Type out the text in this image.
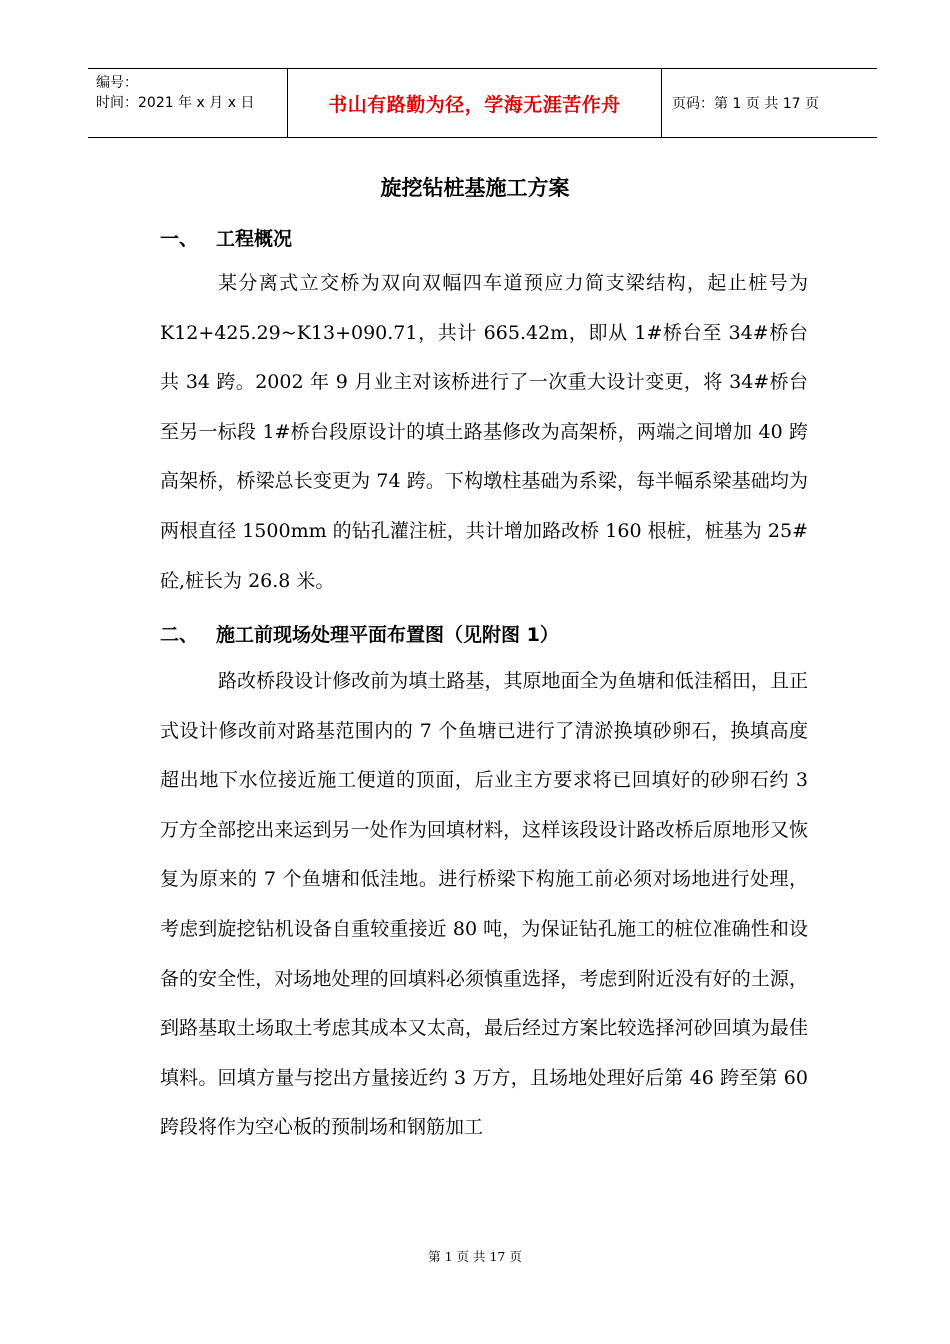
编号：
时间：2021 年 x 月 x 日	书山有路勤为径，学海无涯苦作舟	页码：第 1 页 共 17 页
旋挖钻桩基施工方案
一、 工程概况

某分离式立交桥为双向双幅四车道预应力简支梁结构，起止桩号为 K12+425.29~K13+090.71，共计 665.42m，即从 1#桥台至 34#桥台共 34 跨。2002 年 9 月业主对该桥进行了一次重大设计变更，将 34#桥台至另一标段 1#桥台段原设计的填土路基修改为高架桥，两端之间增加 40 跨高架桥，桥梁总长变更为 74 跨。下构墩柱基础为系梁，每半幅系梁基础均为两根直径 1500mm 的钻孔灌注桩，共计增加路改桥 160 根桩，桩基为 25#砼,桩长为 26.8 米。

二、 施工前现场处理平面布置图（见附图 1）

路改桥段设计修改前为填土路基，其原地面全为鱼塘和低洼稻田，且正式设计修改前对路基范围内的 7 个鱼塘已进行了清淤换填砂卵石，换填高度超出地下水位接近施工便道的顶面，后业主方要求将已回填好的砂卵石约 3 万方全部挖出来运到另一处作为回填材料，这样该段设计路改桥后原地形又恢复为原来的 7 个鱼塘和低洼地。进行桥梁下构施工前必须对场地进行处理，考虑到旋挖钻机设备自重较重接近 80 吨，为保证钻孔施工的桩位准确性和设备的安全性，对场地处理的回填料必须慎重选择，考虑到附近没有好的土源，到路基取土场取土考虑其成本又太高，最后经过方案比较选择河砂回填为最佳填料。回填方量与挖出方量接近约 3 万方，且场地处理好后第 46 跨至第 60 跨段将作为空心板的预制场和钢筋加工

第 1 页 共 17 页
